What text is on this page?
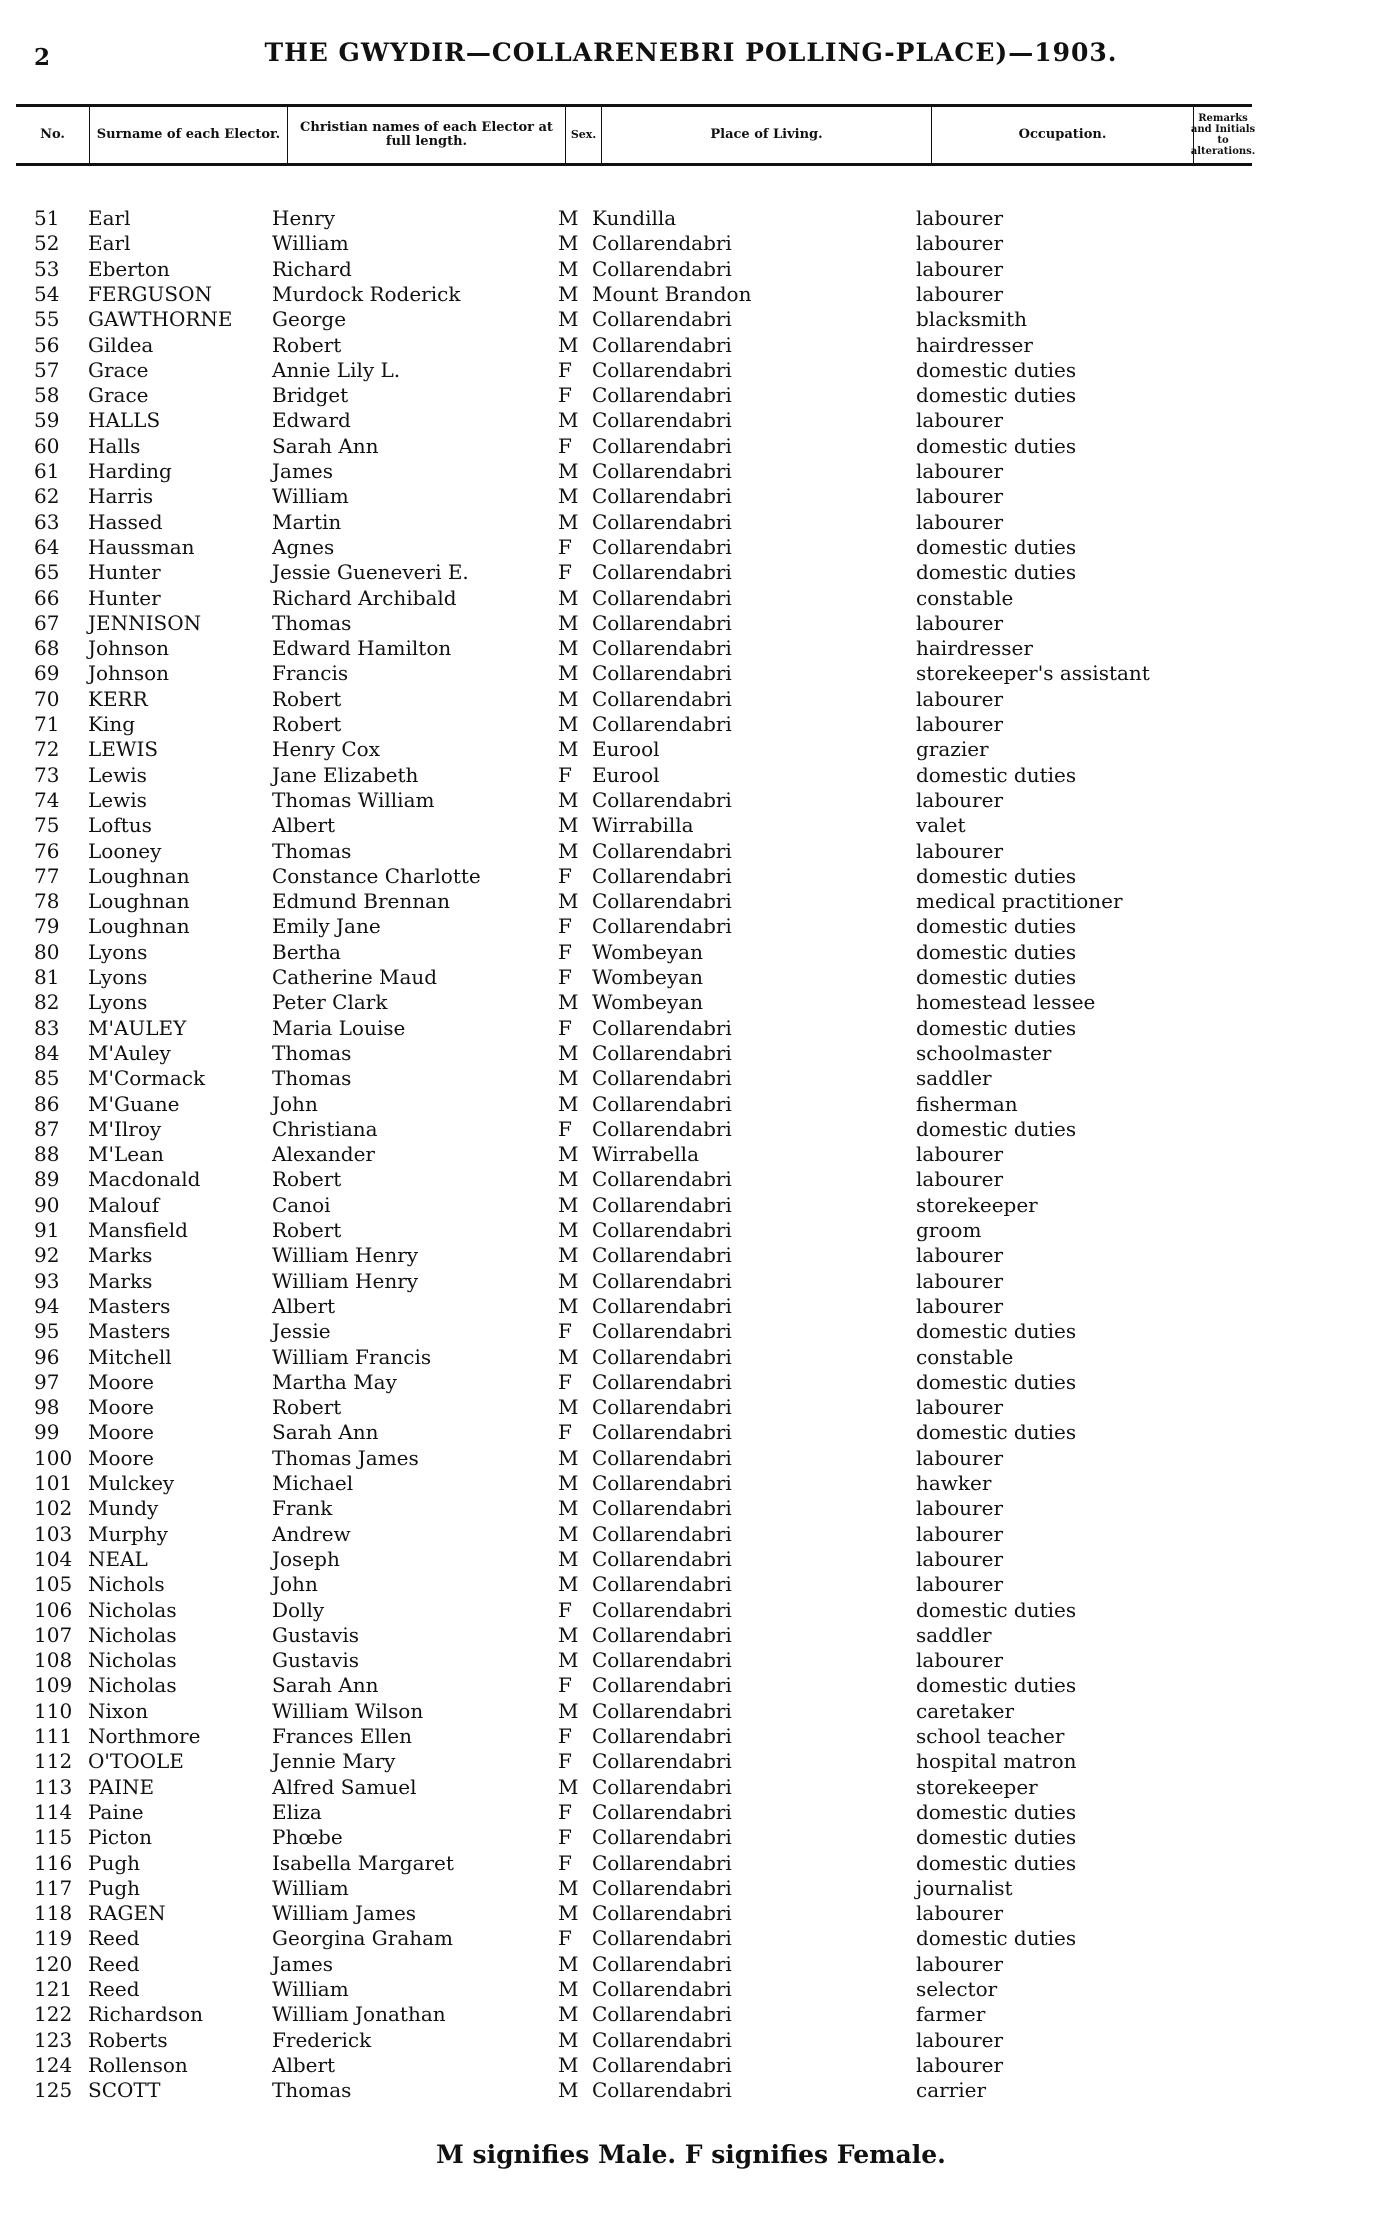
2	THE GWYDIR—COLLARENEBRI POLLING-PLACE)—1903.
No.	Surname of each Elector.	Christian names of each Elector at full length.	Sex.	Place of Living.	Occupation.
Remarks and Initials to alterations.
51	Earl	Henry	M Kundilla	labourer
52	Earl	William	M Collarendabri	labourer
53	Eberton	Richard	M Collarendabri	labourer
54	FERGUSON	Murdock Roderick	M Mount Brandon	labourer
55	GAWTHORNE George	M Collarendabri	blacksmith
56	Gildea	Robert	M Collarendabri	hairdresser
57	Grace	Annie Lily L.	F Collarendabri	domestic duties
58	Grace	Bridget	F Collarendabri	domestic duties
59	HALLS	Edward	M Collarendabri	labourer
60	Halls	Sarah Ann	F Collarendabri	domestic duties
61	Harding	James	M Collarendabri	labourer
62	Harris	William	M Collarendabri	labourer
63	Hassed	Martin	M Collarendabri	labourer
64	Haussman	Agnes	F Collarendabri	domestic duties
65	Hunter	Jessie Gueneveri E.	F Collarendabri	domestic duties
66	Hunter	Richard Archibald	M Collarendabri	constable
67	JENNISON	Thomas	M Collarendabri	labourer
68	Johnson	Edward Hamilton	M Collarendabri	hairdresser
69	Johnson	Francis	M Collarendabri	storekeeper's assistant
70	KERR	Robert	M Collarendabri	labourer
71	King	Robert	M Collarendabri	labourer
72	LEWIS	Henry Cox	M Eurool	grazier
73	Lewis	Jane Elizabeth	F Eurool	domestic duties
74	Lewis	Thomas William	M Collarendabri	labourer
75	Loftus	Albert	M Wirrabilla	valet
76	Looney	Thomas	M Collarendabri	labourer
77	Loughnan	Constance Charlotte	F Collarendabri	domestic duties
78	Loughnan	Edmund Brennan	M Collarendabri	medical practitioner
79	Loughnan	Emily Jane	F Collarendabri	domestic duties
80	Lyons	Bertha	F Wombeyan	domestic duties
81	Lyons	Catherine Maud	F Wombeyan	domestic duties
82	Lyons	Peter Clark	M Wombeyan	homestead lessee
83	M'AULEY	Maria Louise	F Collarendabri	domestic duties
84	M'Auley	Thomas	M Collarendabri	schoolmaster
85	M'Cormack	Thomas	M Collarendabri	saddler
86	M'Guane	John	M Collarendabri	fisherman
87	M'Ilroy	Christiana	F Collarendabri	domestic duties
88	M'Lean	Alexander	M Wirrabella	labourer
89	Macdonald	Robert	M Collarendabri	labourer
90	Malouf	Canoi	M Collarendabri	storekeeper
91	Mansfield	Robert	M Collarendabri	groom
92	Marks	William Henry	M Collarendabri	labourer
93	Marks	William Henry	M Collarendabri	labourer
94	Masters	Albert	M Collarendabri	labourer
95	Masters	Jessie	F Collarendabri	domestic duties
96	Mitchell	William Francis	M Collarendabri	constable
97	Moore	Martha May	F Collarendabri	domestic duties
98	Moore	Robert	M Collarendabri	labourer
99	Moore	Sarah Ann	F Collarendabri	domestic duties
100 Moore	Thomas James	M Collarendabri	labourer
101 Mulckey	Michael	M Collarendabri	hawker
102 Mundy	Frank	M Collarendabri	labourer
103 Murphy	Andrew	M Collarendabri	labourer
104 NEAL	Joseph	M Collarendabri	labourer
105 Nichols	John	M Collarendabri	labourer
106 Nicholas	Dolly	F Collarendabri	domestic duties
107 Nicholas	Gustavis	M Collarendabri	saddler
108 Nicholas	Gustavis	M Collarendabri	labourer
109 Nicholas	Sarah Ann	F Collarendabri	domestic duties
110 Nixon	William Wilson	M Collarendabri	caretaker
111 Northmore	Frances Ellen	F Collarendabri	school teacher
112 O'TOOLE	Jennie Mary	F Collarendabri	hospital matron
113 PAINE	Alfred Samuel	M Collarendabri	storekeeper
114 Paine	Eliza	F Collarendabri	domestic duties
115 Picton	Phœbe	F Collarendabri	domestic duties
116 Pugh	Isabella Margaret	F Collarendabri	domestic duties
117 Pugh	William	M Collarendabri	journalist
118 RAGEN	William James	M Collarendabri	labourer
119 Reed	Georgina Graham	F Collarendabri	domestic duties
120 Reed	James	M Collarendabri	labourer
121 Reed	William	M Collarendabri	selector
122 Richardson	William Jonathan	M Collarendabri	farmer
123 Roberts	Frederick	M Collarendabri	labourer
124 Rollenson	Albert	M Collarendabri	labourer
125 SCOTT	Thomas	M Collarendabri	carrier
M signifies Male. F signifies Female.
